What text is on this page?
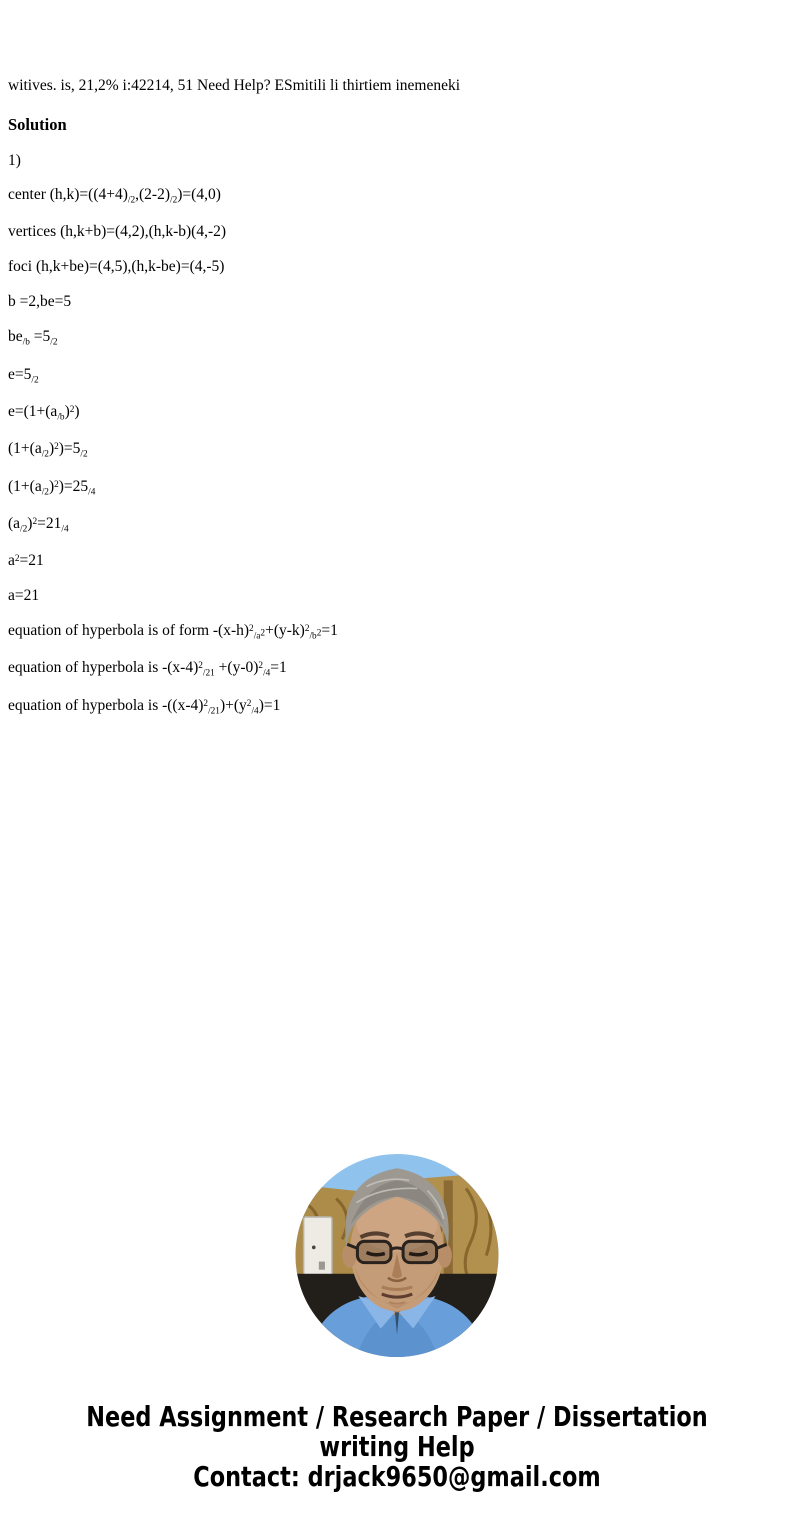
witives. is, 21,2% i:42214, 51 Need Help? ESmitili li thirtiem inemeneki

Solution

1)

center $(h,k)=((4+4)_{/2},(2-2)_{/2})=(4,0)$

vertices (h,k+b)=(4,2),(h,k-b)(4,-2)

foci (h,k+be)=(4,5),(h,k-be)=(4,-5)

b =2,be=5

$be_{/b} =5_{/2}$

$e=5_{/2}$

$e=(1+(a_{/b})^2)$

$(1+(a_{/2})^2)=5_{/2}$

$(1+(a_{/2})^2)=25_{/4}$

$(a_{/2})^2=21_{/4}$

$a^2=21$

a=21

equation of hyperbola is of form $-(x-h)^2_{/a}2+(y-k)^2_{/b}2=1$

equation of hyperbola is $-(x-4)^2_{/21} +(y-0)^2_{/4}=1$

equation of hyperbola is $-((x-4)^2_{/21})+(y^2_{/4})=1$

Need Assignment / Research Paper / Dissertation
writing Help
Contact: drjack9650@gmail.com
